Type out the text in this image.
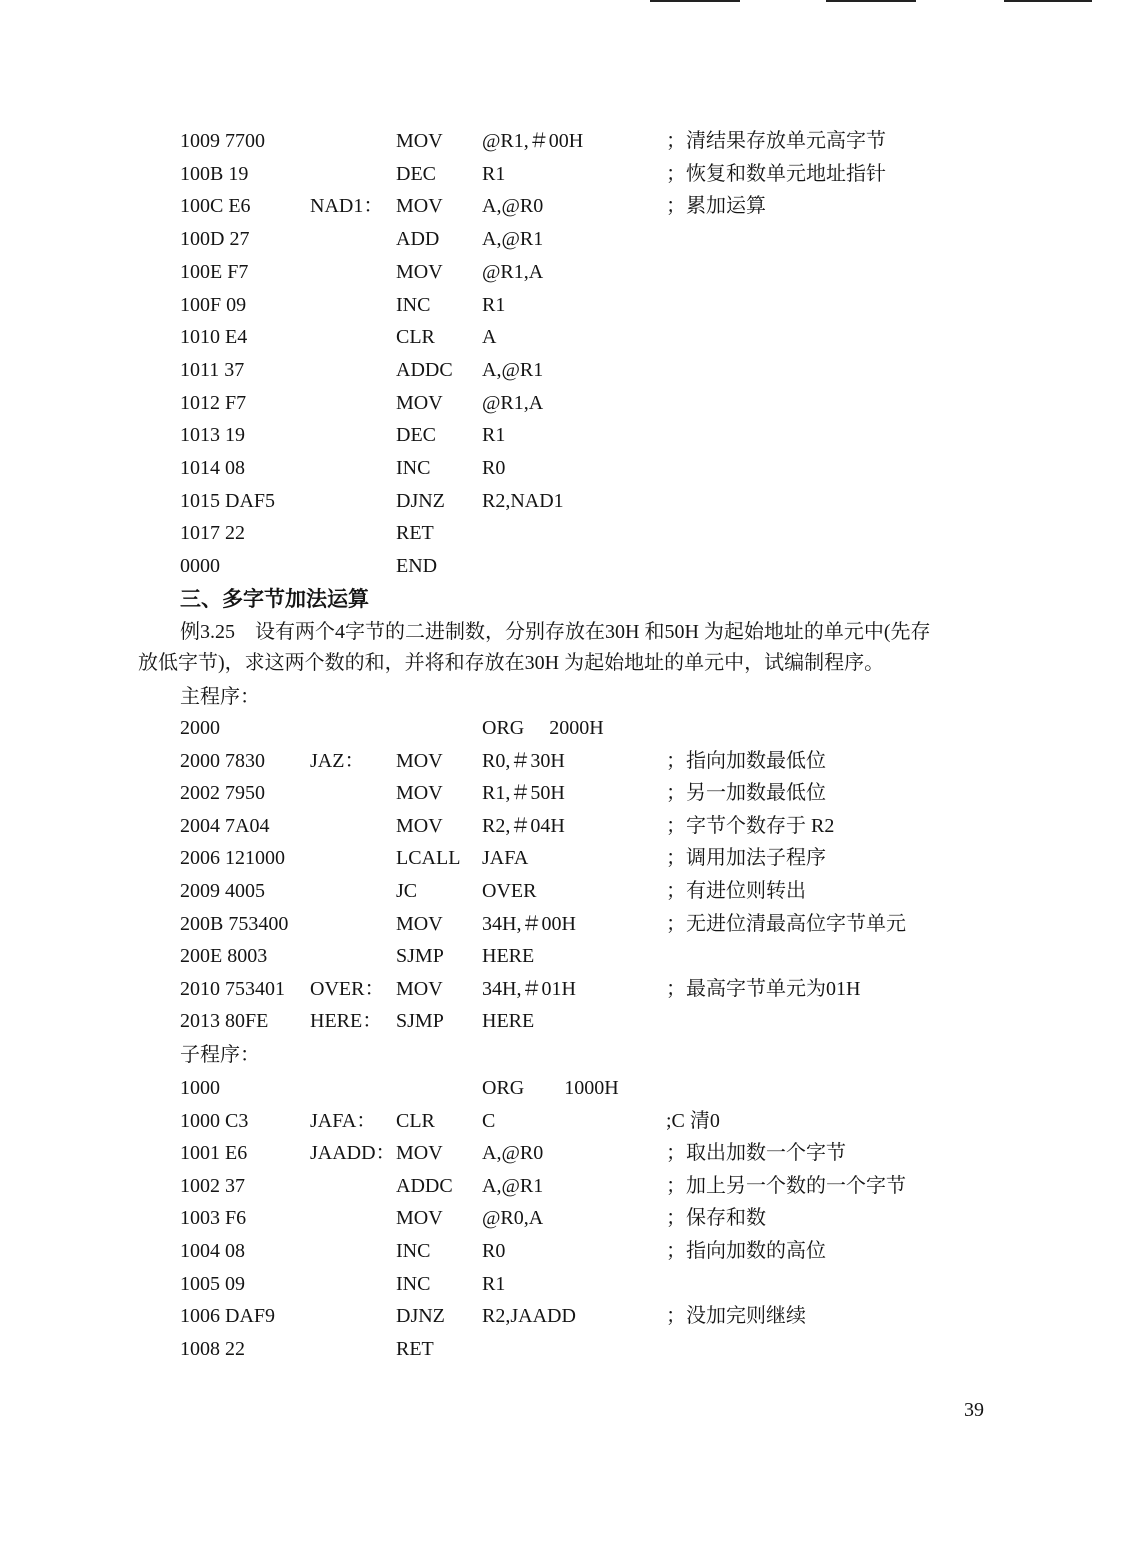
1009 7700	MOV @R1,＃00H	；清结果存放单元高字节
100B 19	DEC R1	；恢复和数单元地址指针
100C E6	NAD1： MOV A,@R0	；累加运算
100D 27	ADD A,@R1
100E F7	MOV @R1,A
100F 09	INC	R1
1010 E4	CLR A
1011 37	ADDC A,@R1
1012 F7	MOV @R1,A
1013 19	DEC R1
1014 08	INC	R0
1015 DAF5	DJNZ R2,NAD1
1017 22	RET
0000	END
三、多字节加法运算
例3.25　设有两个4字节的二进制数，分别存放在30H 和50H 为起始地址的单元中(先存
放低字节)，求这两个数的和，并将和存放在30H 为起始地址的单元中，试编制程序。
主程序：
2000	ORG　 2000H
2000 7830 JAZ： MOV R0,＃30H	；指向加数最低位
2002 7950	MOV R1,＃50H	；另一加数最低位
2004 7A04	MOV R2,＃04H	；字节个数存于 R2
2006 121000	LCALL JAFA	；调用加法子程序
2009 4005	JC	OVER	；有进位则转出
200B 753400	MOV 34H,＃00H	；无进位清最高位字节单元
200E 8003	SJMP HERE
2010 753401 OVER： MOV 34H,＃01H	；最高字节单元为01H
2013 80FE HERE： SJMP HERE
子程序：
1000	ORG　　1000H
1000 C3	JAFA： CLR C	;C 清0
1001 E6	JAADD： MOV A,@R0	；取出加数一个字节
1002 37	ADDC A,@R1	；加上另一个数的一个字节
1003 F6	MOV @R0,A	；保存和数
1004 08	INC	R0	；指向加数的高位
1005 09	INC	R1
1006 DAF9	DJNZ R2,JAADD	；没加完则继续
1008 22	RET
39
